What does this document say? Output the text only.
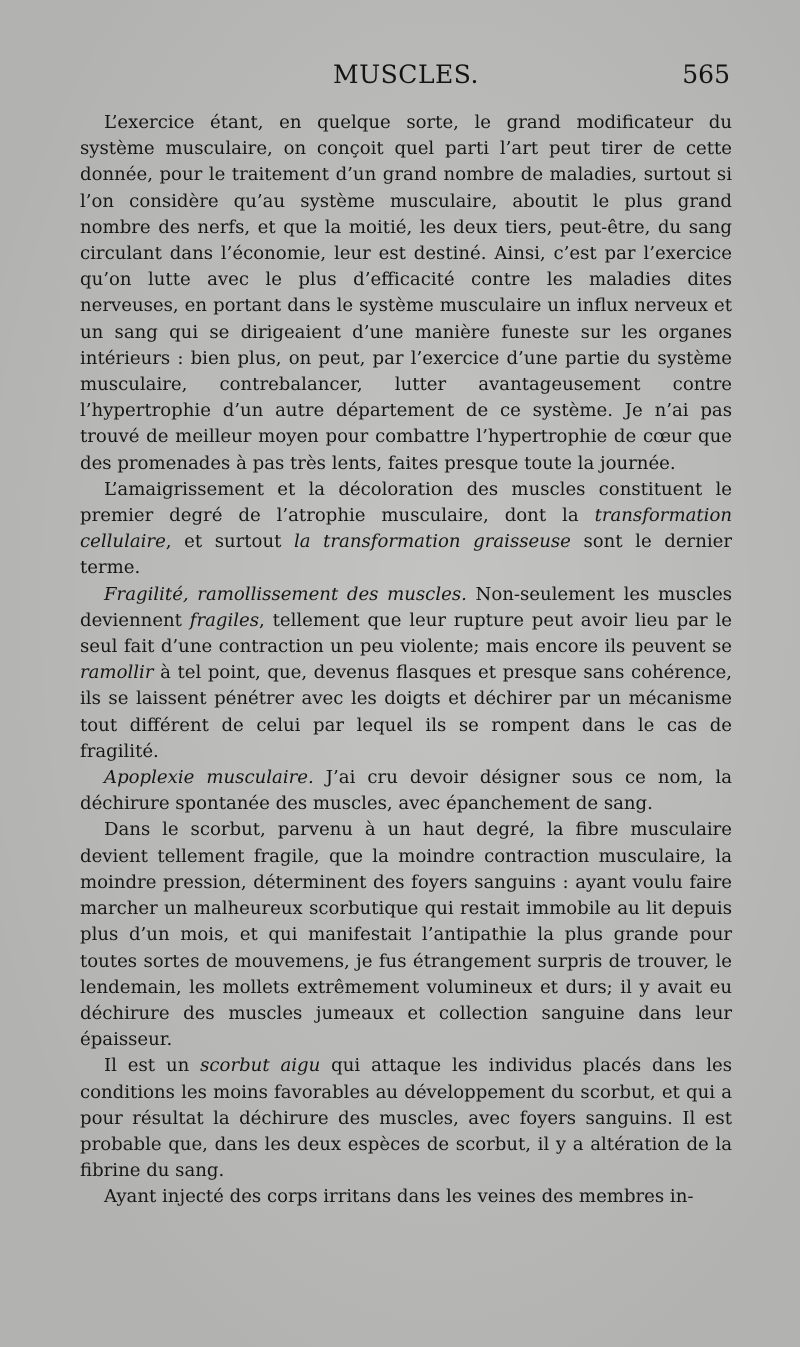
MUSCLES.	565

L’exercice étant, en quelque sorte, le grand modificateur du système musculaire, on conçoit quel parti l’art peut tirer de cette donnée, pour le traitement d’un grand nombre de maladies, surtout si l’on considère qu’au système musculaire, aboutit le plus grand nombre des nerfs, et que la moitié, les deux tiers, peut-être, du sang circulant dans l’économie, leur est destiné. Ainsi, c’est par l’exercice qu’on lutte avec le plus d’efficacité contre les maladies dites nerveuses, en portant dans le système musculaire un influx nerveux et un sang qui se dirigeaient d’une manière funeste sur les organes intérieurs : bien plus, on peut, par l’exercice d’une partie du système musculaire, contrebalancer, lutter avantageusement contre l’hypertrophie d’un autre département de ce système. Je n’ai pas trouvé de meilleur moyen pour combattre l’hypertrophie de cœur que des promenades à pas très lents, faites presque toute la journée.

L’amaigrissement et la décoloration des muscles constituent le premier degré de l’atrophie musculaire, dont la transformation cellulaire, et surtout la transformation graisseuse sont le dernier terme.

Fragilité, ramollissement des muscles. Non-seulement les muscles deviennent fragiles, tellement que leur rupture peut avoir lieu par le seul fait d’une contraction un peu violente; mais encore ils peuvent se ramollir à tel point, que, devenus flasques et presque sans cohérence, ils se laissent pénétrer avec les doigts et déchirer par un mécanisme tout différent de celui par lequel ils se rompent dans le cas de fragilité.

Apoplexie musculaire. J’ai cru devoir désigner sous ce nom, la déchirure spontanée des muscles, avec épanchement de sang.

Dans le scorbut, parvenu à un haut degré, la fibre musculaire devient tellement fragile, que la moindre contraction musculaire, la moindre pression, déterminent des foyers sanguins : ayant voulu faire marcher un malheureux scorbutique qui restait immobile au lit depuis plus d’un mois, et qui manifestait l’antipathie la plus grande pour toutes sortes de mouvemens, je fus étrangement surpris de trouver, le lendemain, les mollets extrêmement volumineux et durs; il y avait eu déchirure des muscles jumeaux et collection sanguine dans leur épaisseur.

Il est un scorbut aigu qui attaque les individus placés dans les conditions les moins favorables au développement du scorbut, et qui a pour résultat la déchirure des muscles, avec foyers sanguins. Il est probable que, dans les deux espèces de scorbut, il y a altération de la fibrine du sang.

Ayant injecté des corps irritans dans les veines des membres in-
